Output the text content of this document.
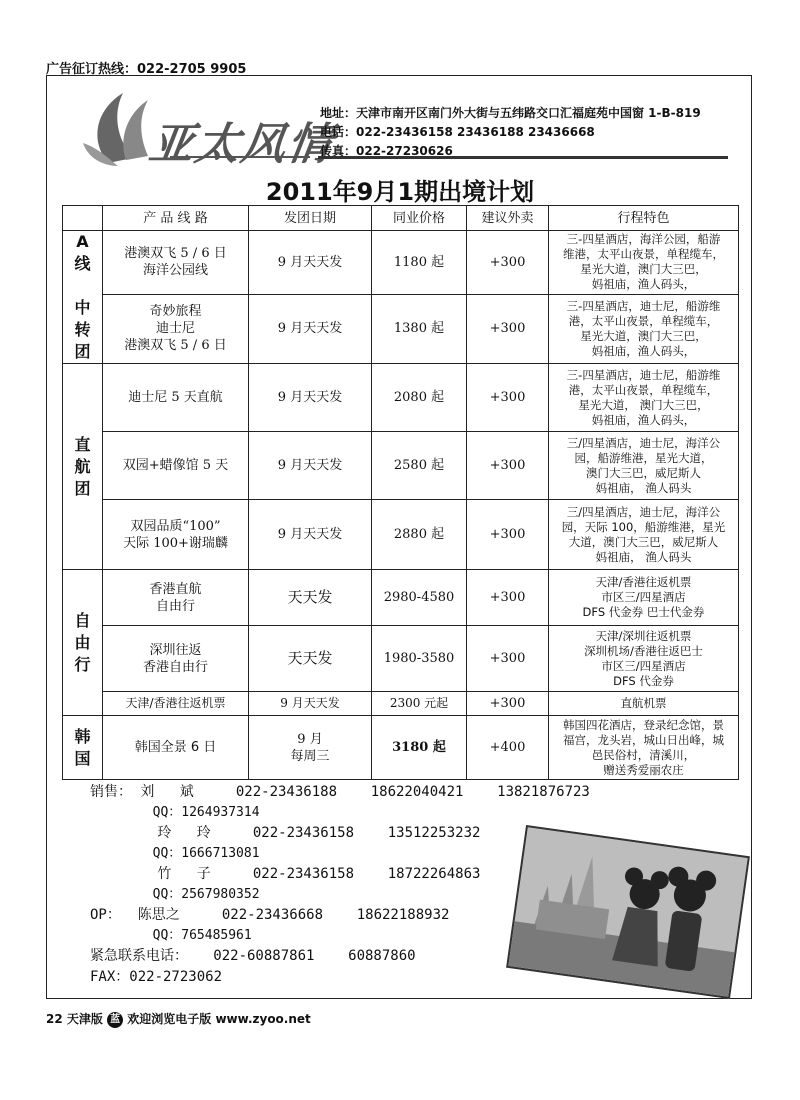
广告征订热线：022-2705 9905
亚太风情
地址：天津市南开区南门外大街与五纬路交口汇福庭苑中国窗 1-B-819
电话：022-23436158 23436188 23436668
传真：022-27230626
2011年9月1期出境计划
	产 品 线 路	发团日期	同业价格	建议外卖	行程特色
A
线

中
转
团	港澳双飞 5 / 6 日
海洋公园线	9 月天天发	1180 起	+300	三-四星酒店，海洋公园，船游
维港，太平山夜景，单程缆车，
星光大道，澳门大三巴，
妈祖庙，渔人码头，
	奇妙旅程
迪士尼
港澳双飞 5 / 6 日	9 月天天发	1380 起	+300	三-四星酒店，迪士尼，船游维
港，太平山夜景，单程缆车，
星光大道，澳门大三巴，
妈祖庙，渔人码头，
直
航
团	迪士尼 5 天直航	9 月天天发	2080 起	+300	三-四星酒店，迪士尼，船游维
港，太平山夜景，单程缆车，
星光大道， 澳门大三巴，
妈祖庙，渔人码头，
	双园+蜡像馆 5 天	9 月天天发	2580 起	+300	三/四星酒店，迪士尼，海洋公
园，船游维港，星光大道，
澳门大三巴，威尼斯人
妈祖庙， 渔人码头
	双园品质“100”
天际 100+谢瑞麟	9 月天天发	2880 起	+300	三/四星酒店，迪士尼，海洋公
园，天际 100，船游维港，星光
大道，澳门大三巴，威尼斯人
妈祖庙， 渔人码头
自
由
行	香港直航
自由行	天天发	2980-4580	+300	天津/香港往返机票
市区三/四星酒店
DFS 代金券 巴士代金券
	深圳往返
香港自由行	天天发	1980-3580	+300	天津/深圳往返机票
深圳机场/香港往返巴士
市区三/四星酒店
DFS 代金券
	天津/香港往返机票	9 月天天发	2300 元起	+300	直航机票
韩
国	韩国全景 6 日	9 月
每周三	3180 起	+400	韩国四花酒店，登录纪念馆，景
福宫，龙头岩，城山日出峰，城
邑民俗村，清溪川，
赠送秀爱丽农庄
销售： 刘   斌     022-23436188    18622040421    13821876723
QQ：1264937314
玲   玲     022-23436158    13512253232
QQ：1666713081
竹   子     022-23436158    18722264863
QQ：2567980352
OP：  陈思之     022-23436668    18622188932
QQ：765485961
紧急联系电话：   022-60887861    60887860
FAX：022-2723062
22 天津版 蓝 欢迎浏览电子版 www.zyoo.net
